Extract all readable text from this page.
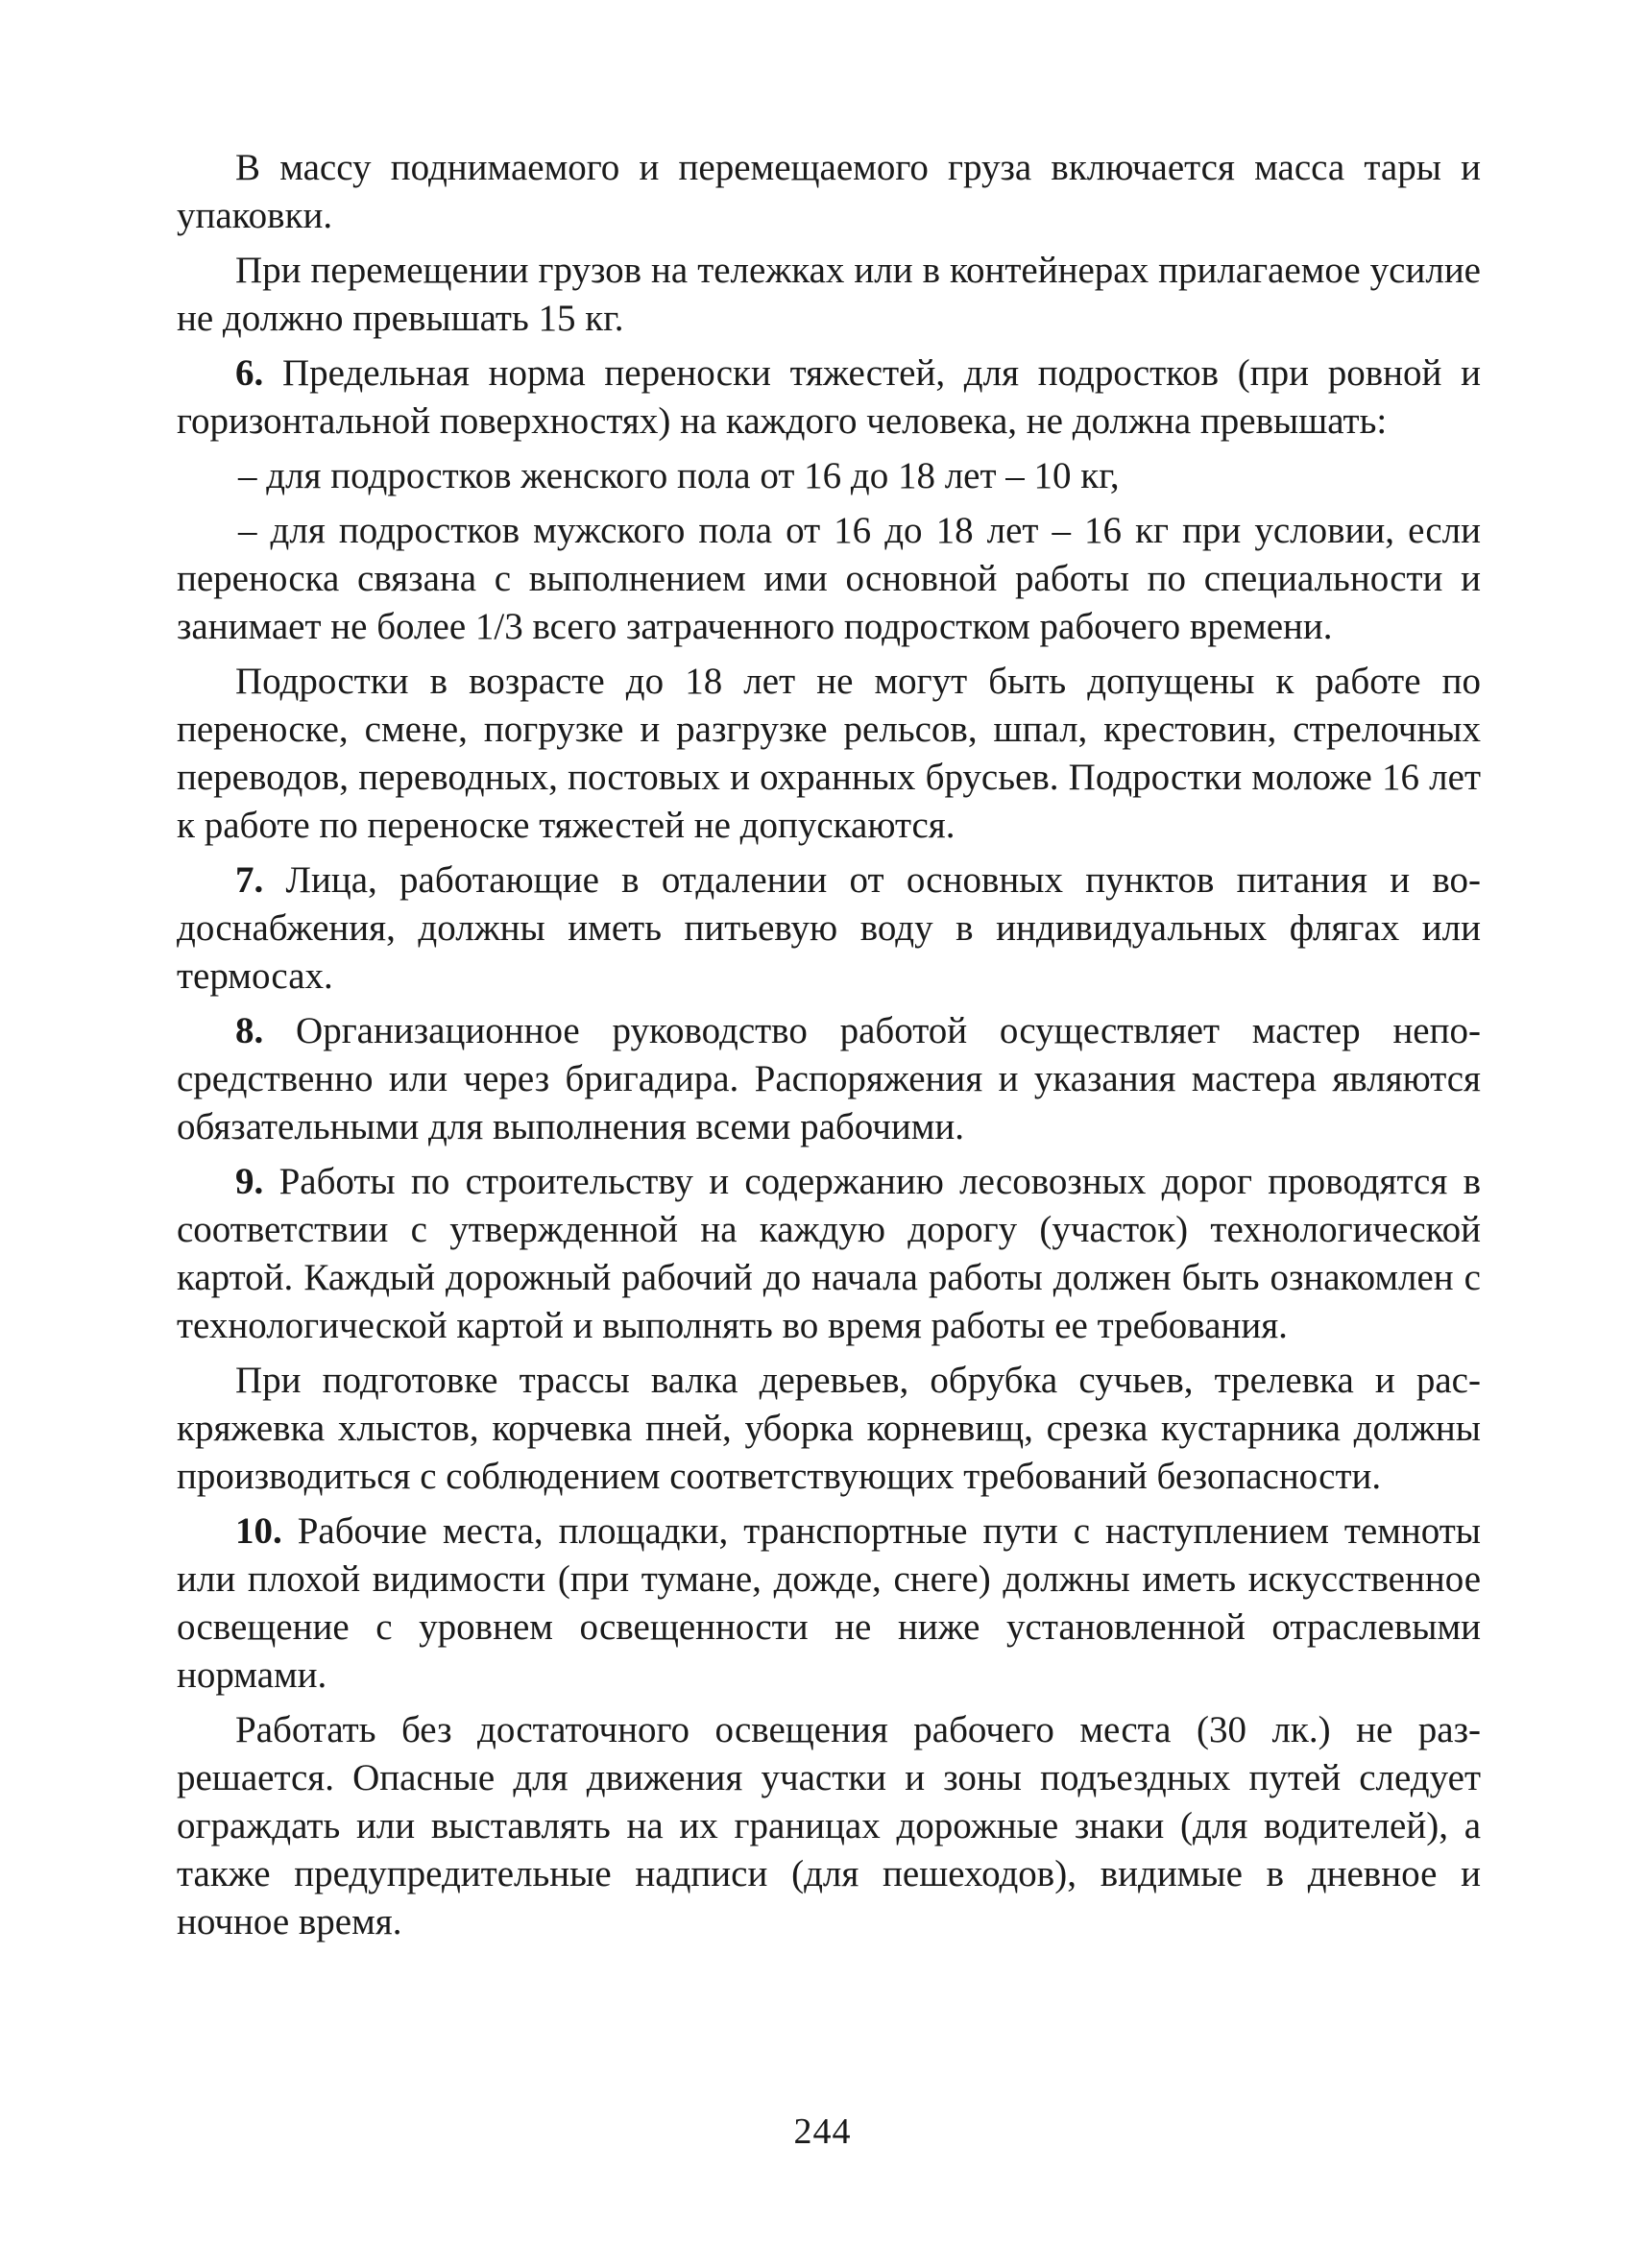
В массу поднимаемого и перемещаемого груза включается масса тары и упаковки.

При перемещении грузов на тележках или в контейнерах прилагаемое усилие не должно превышать 15 кг.

6. Предельная норма переноски тяжестей, для подростков (при ровной и горизонтальной поверхностях) на каждого человека, не должна превышать:

– для подростков женского пола от 16 до 18 лет – 10 кг,

– для подростков мужского пола от 16 до 18 лет – 16 кг при условии, если переноска связана с выполнением ими основной работы по специальности и занимает не более 1/3 всего затраченного подростком рабочего времени.

Подростки в возрасте до 18 лет не могут быть допущены к работе по переноске, смене, погрузке и разгрузке рельсов, шпал, крестовин, стрелочных переводов, переводных, постовых и охранных брусьев. Подростки моложе 16 лет к работе по переноске тяжестей не допускаются.

7. Лица, работающие в отдалении от основных пунктов питания и водоснабжения, должны иметь питьевую воду в индивидуальных флягах или термосах.

8. Организационное руководство работой осуществляет мастер непосредственно или через бригадира. Распоряжения и указания мастера являются обязательными для выполнения всеми рабочими.

9. Работы по строительству и содержанию лесовозных дорог проводятся в соответствии с утвержденной на каждую дорогу (участок) технологической картой. Каждый дорожный рабочий до начала работы должен быть ознакомлен с технологической картой и выполнять во время работы ее требования.

При подготовке трассы валка деревьев, обрубка сучьев, трелевка и раскряжевка хлыстов, корчевка пней, уборка корневищ, срезка кустарника должны производиться с соблюдением соответствующих требований безопасности.

10. Рабочие места, площадки, транспортные пути с наступлением темноты или плохой видимости (при тумане, дожде, снеге) должны иметь искусственное освещение с уровнем освещенности не ниже установленной отраслевыми нормами.

Работать без достаточного освещения рабочего места (30 лк.) не разрешается. Опасные для движения участки и зоны подъездных путей следует ограждать или выставлять на их границах дорожные знаки (для водителей), а также предупредительные надписи (для пешеходов), видимые в дневное и ночное время.

244
